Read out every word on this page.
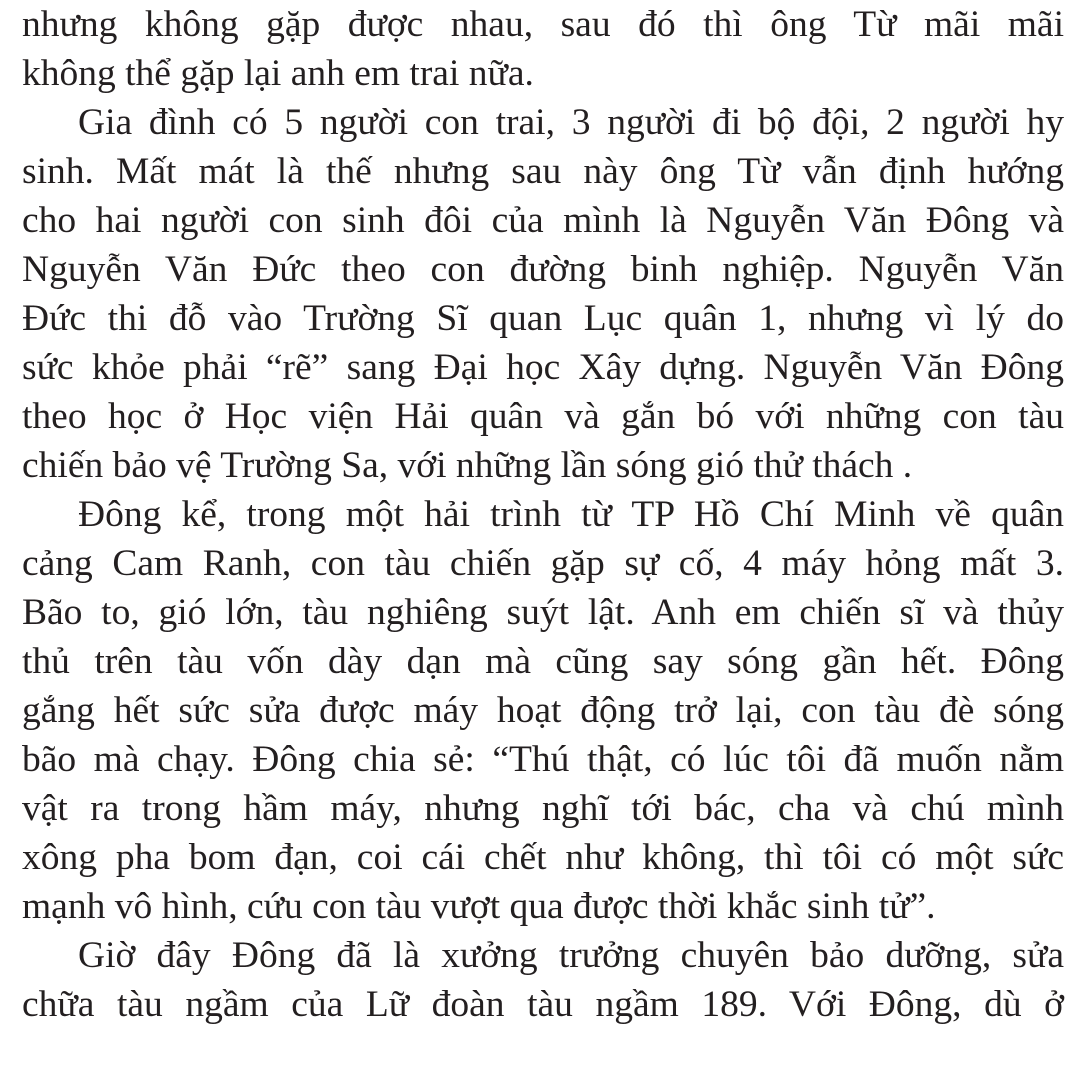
nhưng không gặp được nhau, sau đó thì ông Từ mãi mãi
không thể gặp lại anh em trai nữa.
Gia đình có 5 người con trai, 3 người đi bộ đội, 2 người hy
sinh. Mất mát là thế nhưng sau này ông Từ vẫn định hướng
cho hai người con sinh đôi của mình là Nguyễn Văn Đông và
Nguyễn Văn Đức theo con đường binh nghiệp. Nguyễn Văn
Đức thi đỗ vào Trường Sĩ quan Lục quân 1, nhưng vì lý do
sức khỏe phải “rẽ” sang Đại học Xây dựng. Nguyễn Văn Đông
theo học ở Học viện Hải quân và gắn bó với những con tàu
chiến bảo vệ Trường Sa, với những lần sóng gió thử thách .
Đông kể, trong một hải trình từ TP Hồ Chí Minh về quân
cảng Cam Ranh, con tàu chiến gặp sự cố, 4 máy hỏng mất 3.
Bão to, gió lớn, tàu nghiêng suýt lật. Anh em chiến sĩ và thủy
thủ trên tàu vốn dày dạn mà cũng say sóng gần hết. Đông
gắng hết sức sửa được máy hoạt động trở lại, con tàu đè sóng
bão mà chạy. Đông chia sẻ: “Thú thật, có lúc tôi đã muốn nằm
vật ra trong hầm máy, nhưng nghĩ tới bác, cha và chú mình
xông pha bom đạn, coi cái chết như không, thì tôi có một sức
mạnh vô hình, cứu con tàu vượt qua được thời khắc sinh tử”.
Giờ đây Đông đã là xưởng trưởng chuyên bảo dưỡng, sửa
chữa tàu ngầm của Lữ đoàn tàu ngầm 189. Với Đông, dù ở
